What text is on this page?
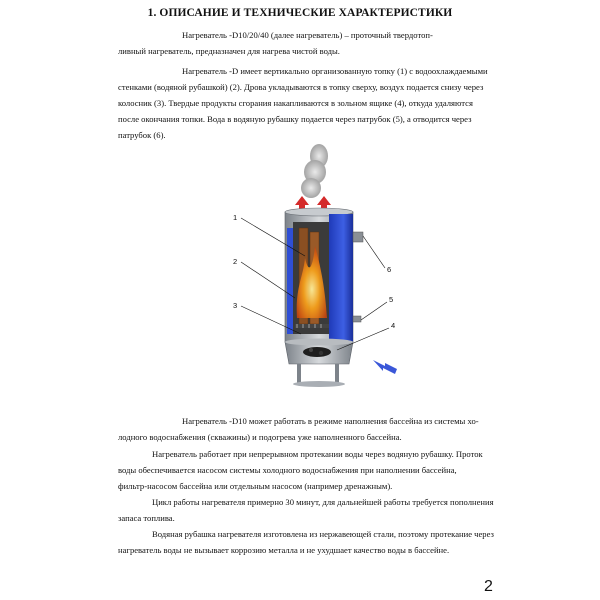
1. ОПИСАНИЕ И ТЕХНИЧЕСКИЕ ХАРАКТЕРИСТИКИ
Нагреватель -D10/20/40 (далее нагреватель) – проточный твердотоп-
ливный нагреватель, предназначен для нагрева чистой воды.
Нагреватель -D имеет вертикально организованную топку (1) с водоохлаждаемыми
стенками (водяной рубашкой) (2). Дрова укладываются в топку сверху, воздух подается снизу через
колосник (3). Твердые продукты сгорания накапливаются в зольном ящике (4), откуда удаляются
после окончания топки. Вода в водяную рубашку подается через патрубок (5), а отводится через
патрубок (6).
1
2
3
6
5
4
Нагреватель -D10 может работать в режиме наполнения бассейна из системы хо-
лодного водоснабжения (скважины) и подогрева уже наполненного бассейна.
Нагреватель работает при непрерывном протекании воды через водяную рубашку. Проток
воды обеспечивается насосом системы холодного водоснабжения при наполнении бассейна,
фильтр-насосом бассейна или отдельным насосом (например дренажным).
Цикл работы нагревателя примерно 30 минут, для дальнейшей работы требуется пополнения
запаса топлива.
Водяная рубашка нагревателя изготовлена из нержавеющей стали, поэтому протекание через
нагреватель воды не вызывает коррозию металла и не ухудшает качество воды в бассейне.
2
